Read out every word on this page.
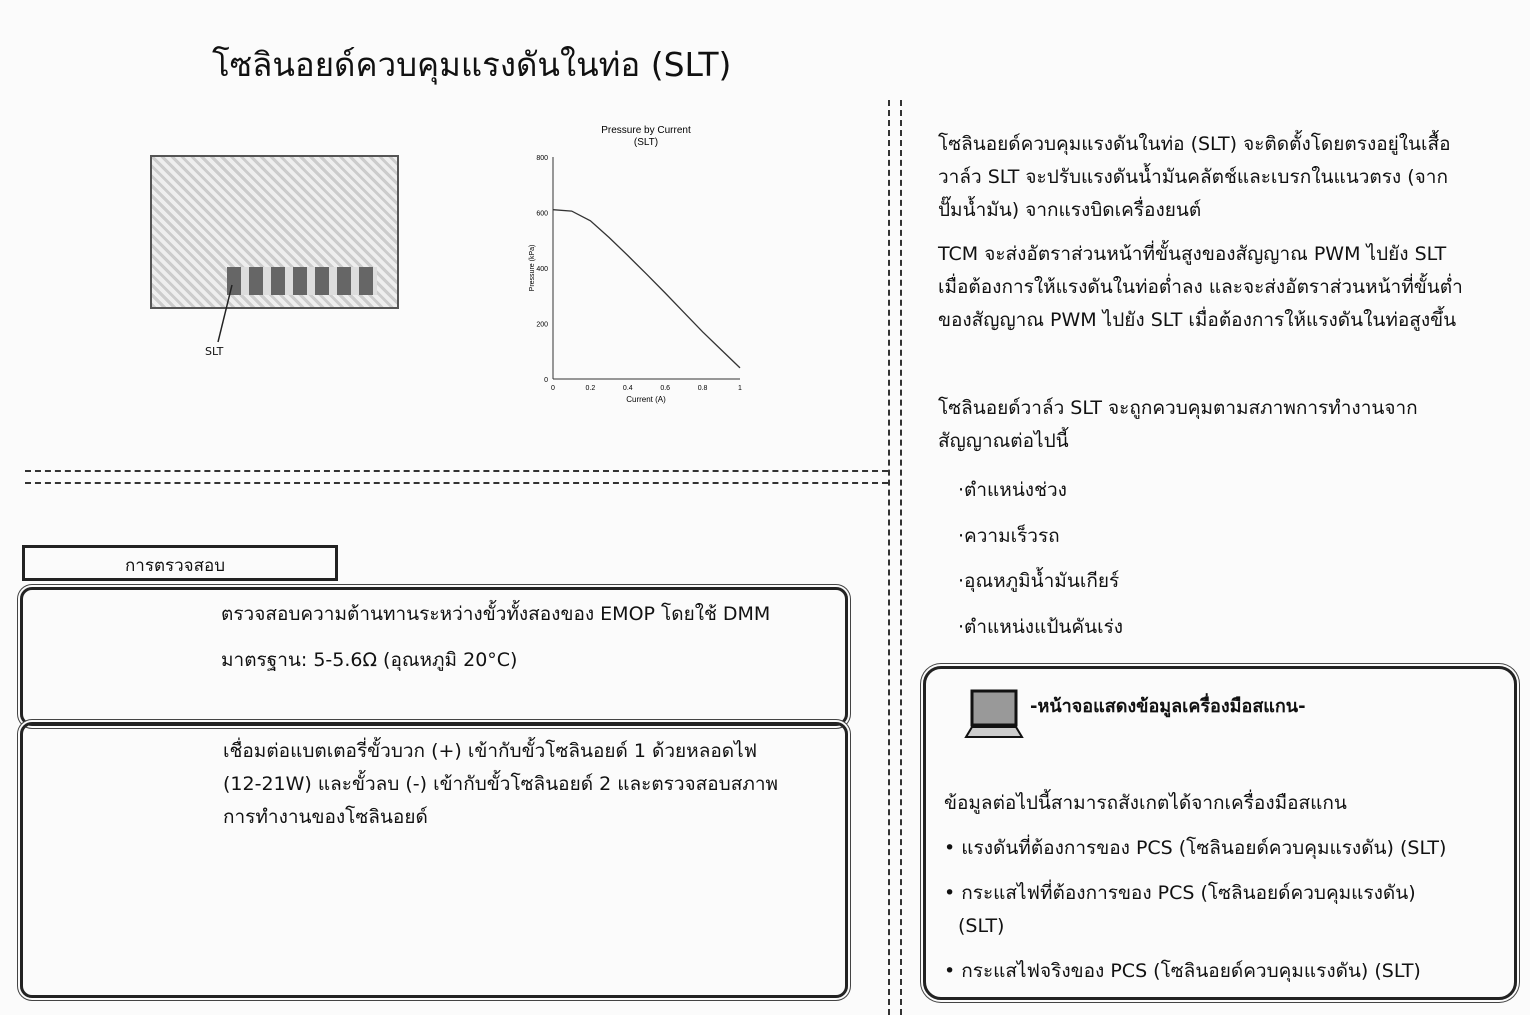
โซลินอยด์ควบคุมแรงดันในท่อ (SLT)
SLT
Pressure by Current
(SLT)
0
200
400
600
800
0	0.2	0.4	0.6	0.8	1
Current (A)
Pressure (kPa)
การตรวจสอบ
ตรวจสอบความต้านทานระหว่างขั้วทั้งสองของ EMOP โดยใช้ DMM
มาตรฐาน: 5-5.6Ω (อุณหภูมิ 20°C)
เชื่อมต่อแบตเตอรี่ขั้วบวก (+) เข้ากับขั้วโซลินอยด์ 1 ด้วยหลอดไฟ
(12-21W) และขั้วลบ (-) เข้ากับขั้วโซลินอยด์ 2 และตรวจสอบสภาพ
การทำงานของโซลินอยด์
โซลินอยด์ควบคุมแรงดันในท่อ (SLT) จะติดตั้งโดยตรงอยู่ในเสื้อ
วาล์ว SLT จะปรับแรงดันน้ำมันคลัตช์และเบรกในแนวตรง (จาก
ปั๊มน้ำมัน) จากแรงบิดเครื่องยนต์
TCM จะส่งอัตราส่วนหน้าที่ขั้นสูงของสัญญาณ PWM ไปยัง SLT
เมื่อต้องการให้แรงดันในท่อต่ำลง และจะส่งอัตราส่วนหน้าที่ขั้นต่ำ
ของสัญญาณ PWM ไปยัง SLT เมื่อต้องการให้แรงดันในท่อสูงขึ้น
โซลินอยด์วาล์ว SLT จะถูกควบคุมตามสภาพการทำงานจาก
สัญญาณต่อไปนี้
·ตำแหน่งช่วง
·ความเร็วรถ
·อุณหภูมิน้ำมันเกียร์
·ตำแหน่งแป้นคันเร่ง
-หน้าจอแสดงข้อมูลเครื่องมือสแกน-
ข้อมูลต่อไปนี้สามารถสังเกตได้จากเครื่องมือสแกน
• แรงดันที่ต้องการของ PCS (โซลินอยด์ควบคุมแรงดัน) (SLT)
• กระแสไฟที่ต้องการของ PCS (โซลินอยด์ควบคุมแรงดัน)
(SLT)
• กระแสไฟจริงของ PCS (โซลินอยด์ควบคุมแรงดัน) (SLT)
